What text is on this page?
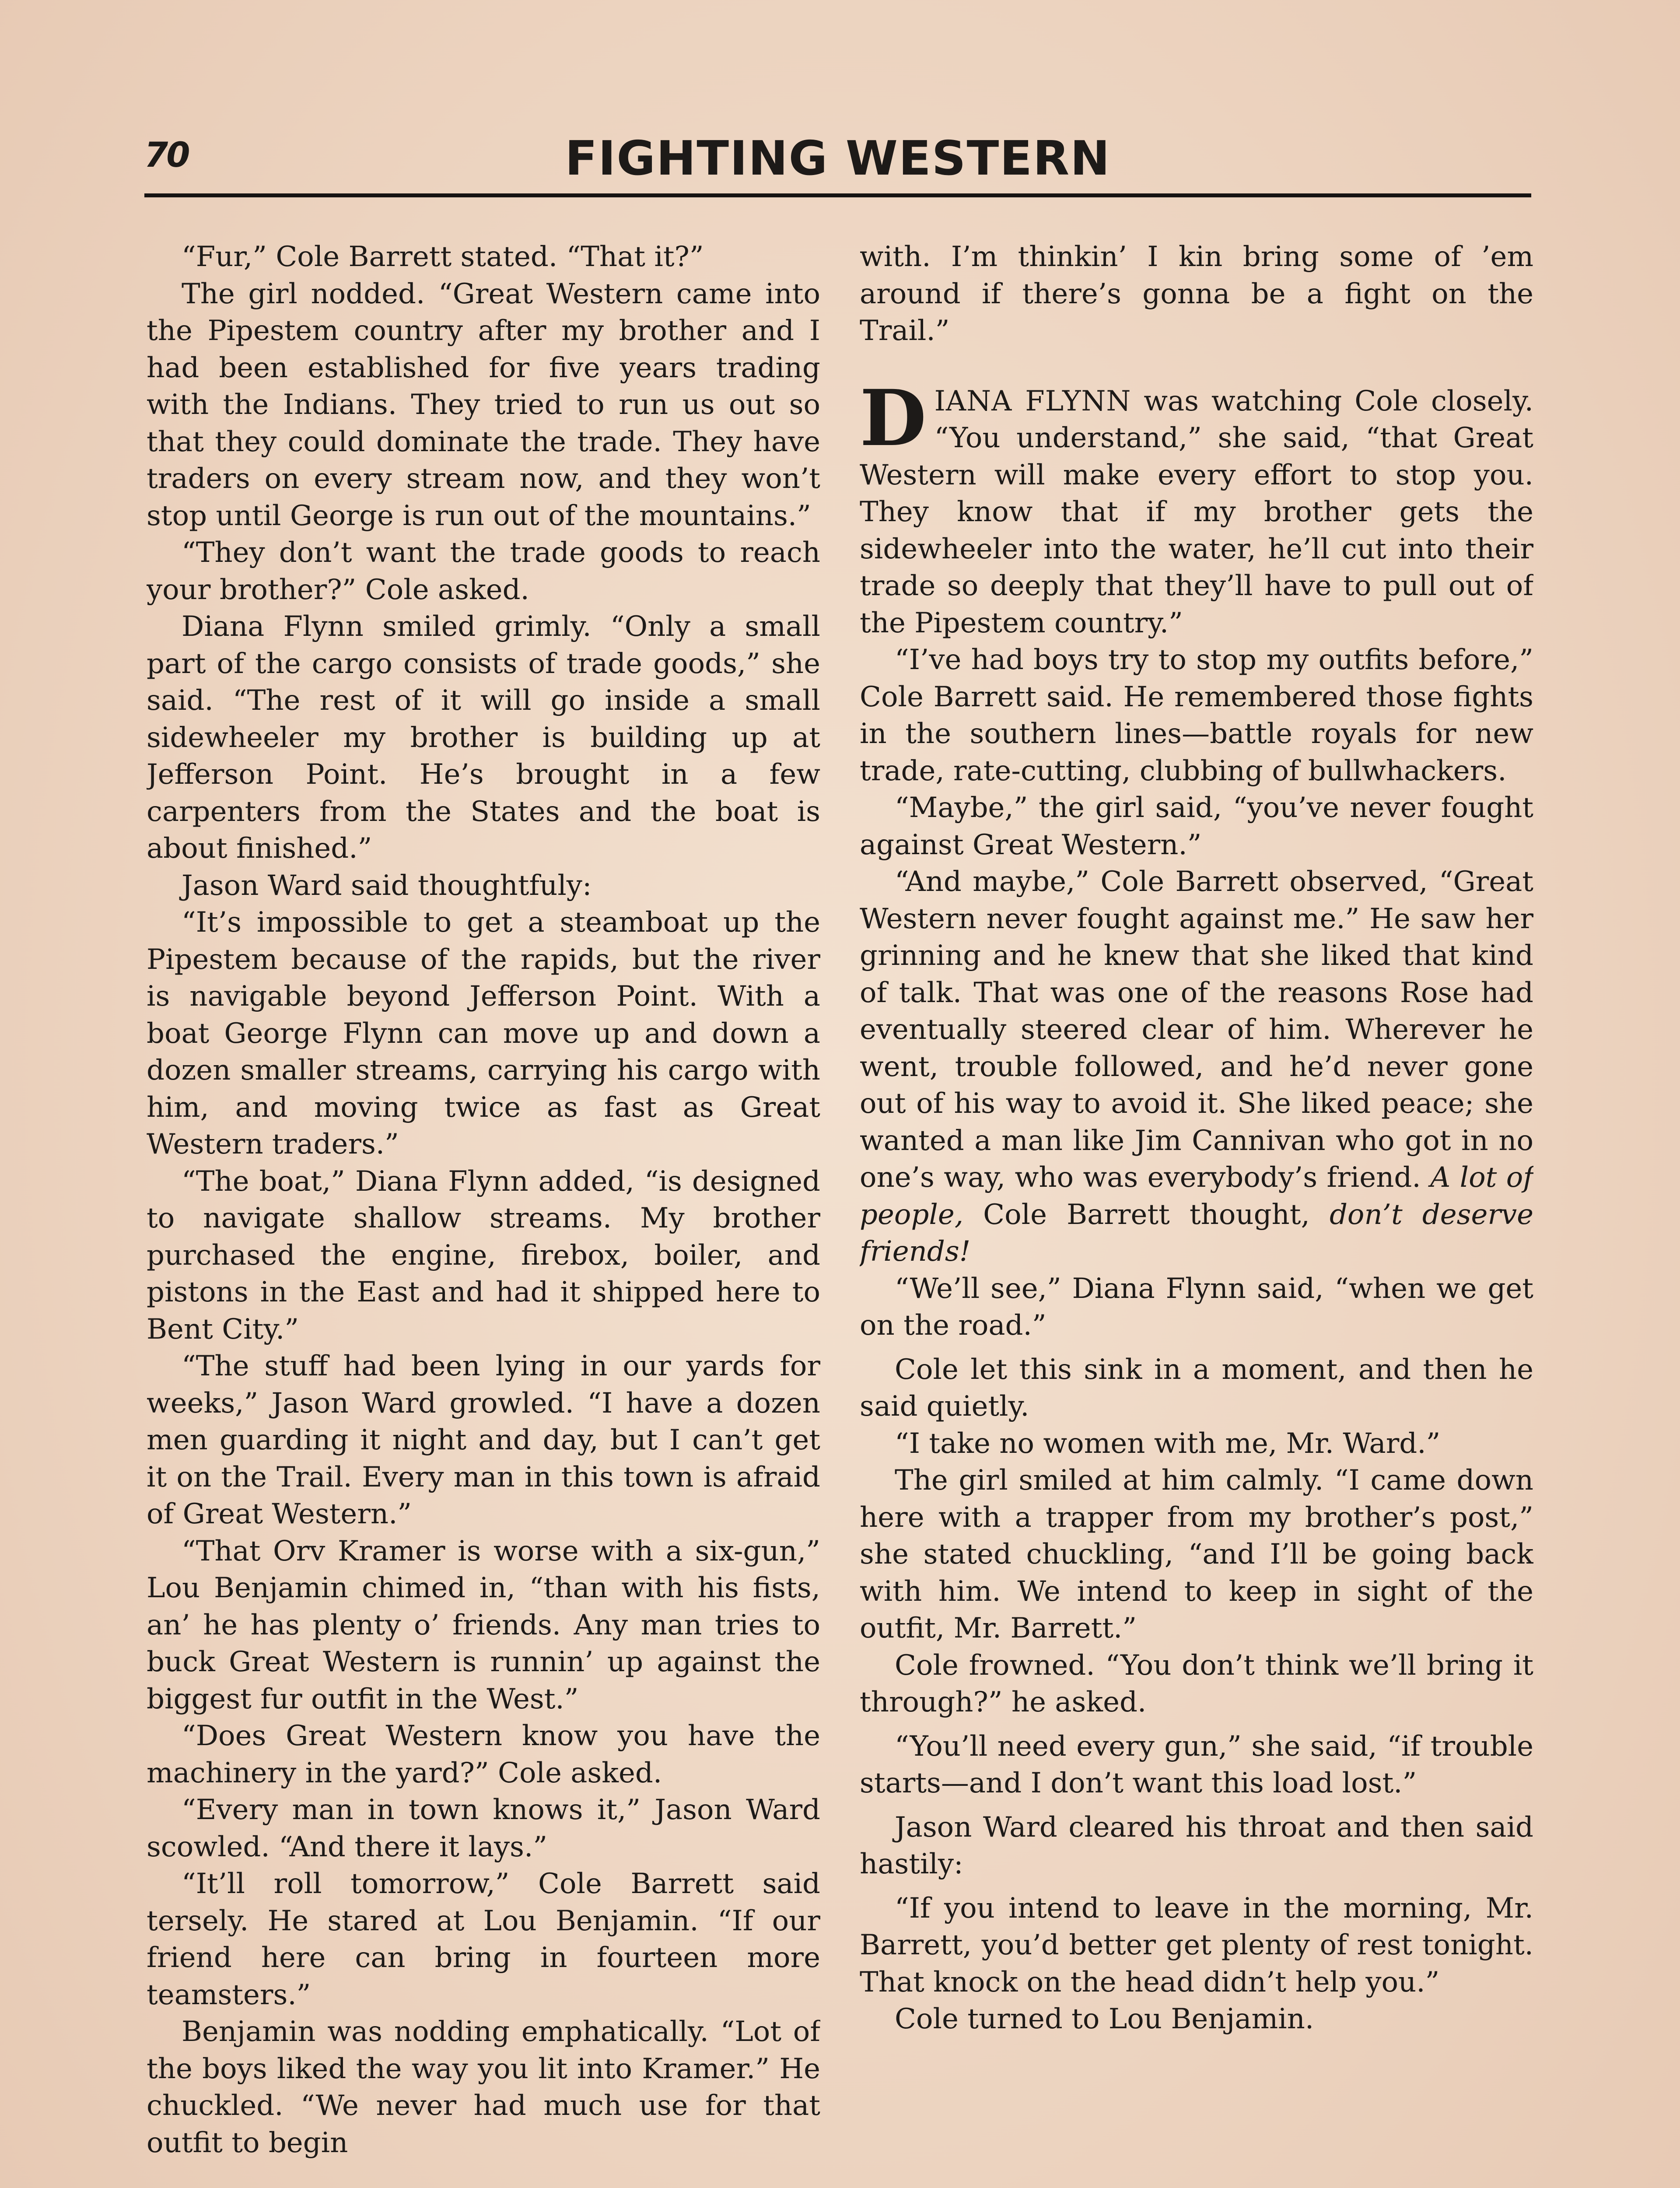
70	FIGHTING WESTERN

“Fur,” Cole Barrett stated. “That it?”

The girl nodded. “Great Western came into the Pipestem country after my brother and I had been established for five years trading with the Indians. They tried to run us out so that they could dominate the trade. They have traders on every stream now, and they won’t stop until George is run out of the mountains.”

“They don’t want the trade goods to reach your brother?” Cole asked.

Diana Flynn smiled grimly. “Only a small part of the cargo consists of trade goods,” she said. “The rest of it will go inside a small sidewheeler my brother is building up at Jefferson Point. He’s brought in a few carpenters from the States and the boat is about finished.”

Jason Ward said thoughtfuly:

“It’s impossible to get a steamboat up the Pipestem because of the rapids, but the river is navigable beyond Jefferson Point. With a boat George Flynn can move up and down a dozen smaller streams, carrying his cargo with him, and moving twice as fast as Great Western traders.”

“The boat,” Diana Flynn added, “is designed to navigate shallow streams. My brother purchased the engine, firebox, boiler, and pistons in the East and had it shipped here to Bent City.”

“The stuff had been lying in our yards for weeks,” Jason Ward growled. “I have a dozen men guarding it night and day, but I can’t get it on the Trail. Every man in this town is afraid of Great Western.”

“That Orv Kramer is worse with a six-gun,” Lou Benjamin chimed in, “than with his fists, an’ he has plenty o’ friends. Any man tries to buck Great Western is runnin’ up against the biggest fur outfit in the West.”

“Does Great Western know you have the machinery in the yard?” Cole asked.

“Every man in town knows it,” Jason Ward scowled. “And there it lays.”

“It’ll roll tomorrow,” Cole Barrett said tersely. He stared at Lou Benjamin. “If our friend here can bring in fourteen more teamsters.”

Benjamin was nodding emphatically. “Lot of the boys liked the way you lit into Kramer.” He chuckled. “We never had much use for that outfit to begin

with. I’m thinkin’ I kin bring some of ’em around if there’s gonna be a fight on the Trail.”

DIANA FLYNN was watching Cole closely. “You understand,” she said, “that Great Western will make every effort to stop you. They know that if my brother gets the sidewheeler into the water, he’ll cut into their trade so deeply that they’ll have to pull out of the Pipestem country.”

“I’ve had boys try to stop my outfits before,” Cole Barrett said. He remembered those fights in the southern lines—battle royals for new trade, rate-cutting, clubbing of bullwhackers.

“Maybe,” the girl said, “you’ve never fought against Great Western.”

“And maybe,” Cole Barrett observed, “Great Western never fought against me.” He saw her grinning and he knew that she liked that kind of talk. That was one of the reasons Rose had eventually steered clear of him. Wherever he went, trouble followed, and he’d never gone out of his way to avoid it. She liked peace; she wanted a man like Jim Cannivan who got in no one’s way, who was everybody’s friend. A lot of people, Cole Barrett thought, don’t deserve friends!

“We’ll see,” Diana Flynn said, “when we get on the road.”

Cole let this sink in a moment, and then he said quietly.

“I take no women with me, Mr. Ward.”

The girl smiled at him calmly. “I came down here with a trapper from my brother’s post,” she stated chuckling, “and I’ll be going back with him. We intend to keep in sight of the outfit, Mr. Barrett.”

Cole frowned. “You don’t think we’ll bring it through?” he asked.

“You’ll need every gun,” she said, “if trouble starts—and I don’t want this load lost.”

Jason Ward cleared his throat and then said hastily:

“If you intend to leave in the morning, Mr. Barrett, you’d better get plenty of rest tonight. That knock on the head didn’t help you.”

Cole turned to Lou Benjamin.
